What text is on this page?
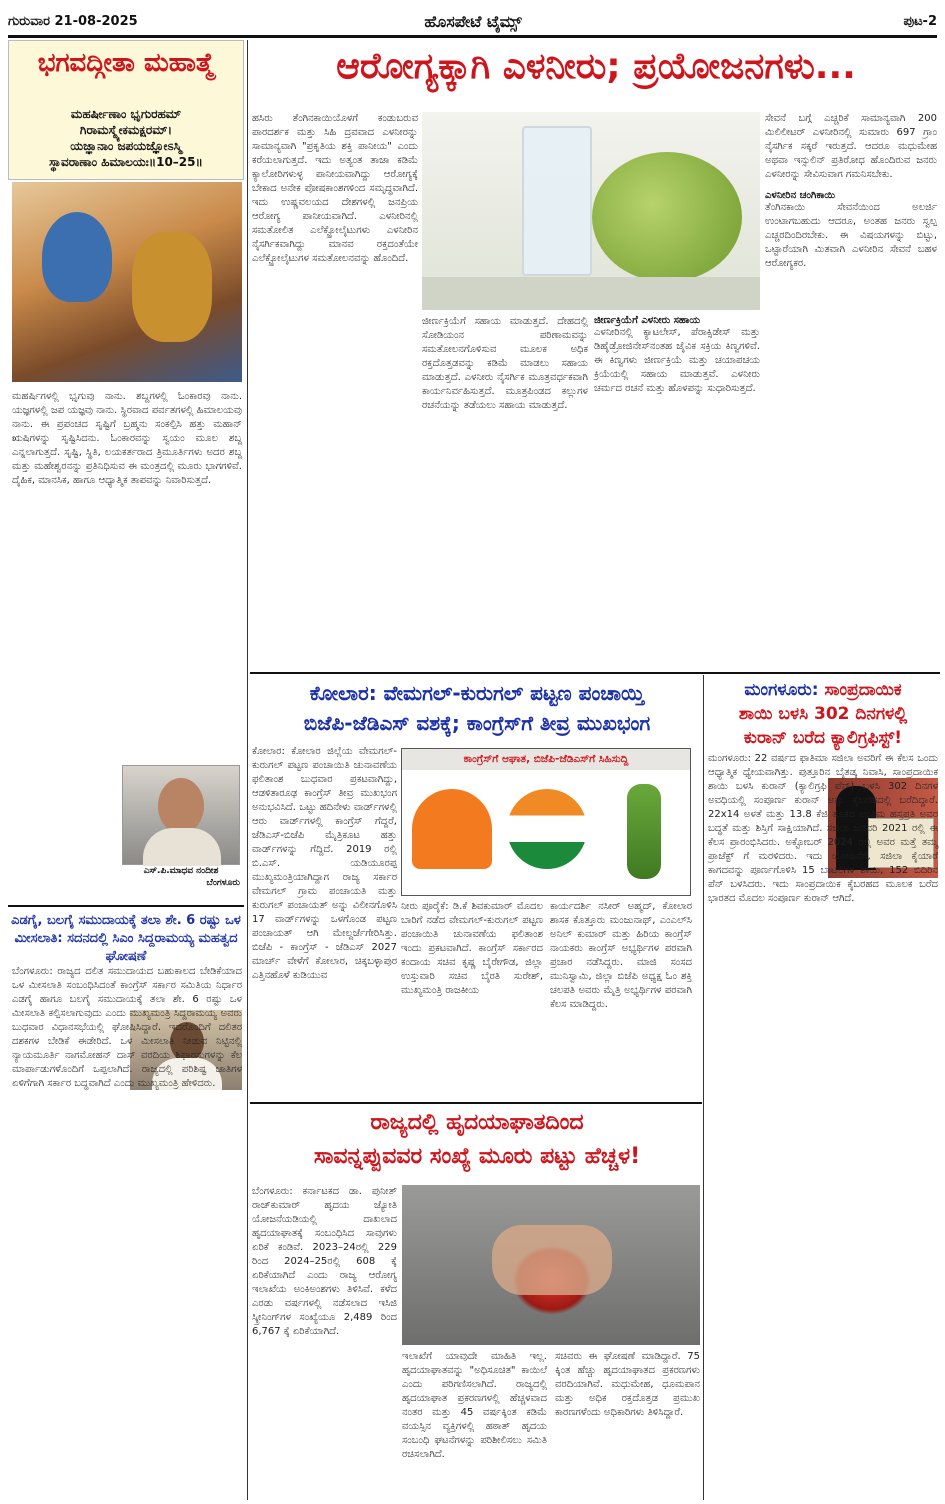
ಗುರುವಾರ 21-08-2025	ಹೊಸಪೇಟೆ ಟೈಮ್ಸ್	ಪುಟ-2
ಭಗವದ್ಗೀತಾ ಮಹಾತ್ಮೆ
ಮಹರ್ಷೀಣಾಂ ಭೃಗುರಹಮ್
ಗಿರಾಮಸ್ಮ್ಯೇಕಮಕ್ಷರಮ್।
ಯಜ್ಞಾನಾಂ ಜಪಯಜ್ಞೋಽಸ್ಮಿ
ಸ್ಥಾವರಾಣಾಂ ಹಿಮಾಲಯಃ॥10–25॥
ಮಹರ್ಷಿಗಳಲ್ಲಿ ಭೃಗುವು ನಾನು. ಶಬ್ದಗಳಲ್ಲಿ ಓಂಕಾರವು ನಾನು. ಯಜ್ಞಗಳಲ್ಲಿ ಜಪ ಯಜ್ಞವು ನಾನು. ಸ್ಥಿರವಾದ ಪರ್ವತಗಳಲ್ಲಿ ಹಿಮಾಲಯವು ನಾನು. ಈ ಪ್ರಪಂಚದ ಸೃಷ್ಟಿಗೆ ಬ್ರಹ್ಮನು ಸಂಕಲ್ಪಿಸಿ ಹತ್ತು ಮಹಾನ್ ಋಷಿಗಳನ್ನು ಸೃಷ್ಟಿಸಿದನು. ಓಂಕಾರವನ್ನು ಸ್ವಯಂ ಮೂಲ ಶಬ್ದ ಎನ್ನಲಾಗುತ್ತದೆ. ಸೃಷ್ಟಿ, ಸ್ಥಿತಿ, ಲಯಕರ್ತರಾದ ತ್ರಿಮೂರ್ತಿಗಳು ಅದರ ಶಬ್ದ ಮತ್ತು ಮಹೇಶ್ವರನನ್ನು ಪ್ರತಿನಿಧಿಸುವ ಈ ಮಂತ್ರದಲ್ಲಿ ಮೂರು ಭಾಗಗಳಿವೆ. ದೈಹಿಕ, ಮಾನಸಿಕ, ಹಾಗೂ ಆಧ್ಯಾತ್ಮಿಕ ತಾಪವನ್ನು ನಿವಾರಿಸುತ್ತದೆ.
ಎಸ್.ಪಿ.ಮಾಧವ ನಂದೀಶ
ಬೆಂಗಳೂರು
ಎಡಗೈ, ಬಲಗೈ ಸಮುದಾಯಕ್ಕೆ ತಲಾ ಶೇ. 6 ರಷ್ಟು ಒಳ ಮೀಸಲಾತಿ: ಸದನದಲ್ಲಿ ಸಿಎಂ ಸಿದ್ದರಾಮಯ್ಯ ಮಹತ್ವದ ಘೋಷಣೆ
ಬೆಂಗಳೂರು: ರಾಜ್ಯದ ದಲಿತ ಸಮುದಾಯದ ಬಹುಕಾಲದ ಬೇಡಿಕೆಯಾದ ಒಳ ಮೀಸಲಾತಿ ಸಂಬಂಧಿಸಿದಂತೆ ಕಾಂಗ್ರೆಸ್ ಸರ್ಕಾರ ಸಮಿತಿಯ ನಿರ್ಧಾರ ಎಡಗೈ ಹಾಗೂ ಬಲಗೈ ಸಮುದಾಯಕ್ಕೆ ತಲಾ ಶೇ. 6 ರಷ್ಟು ಒಳ ಮೀಸಲಾತಿ ಕಲ್ಪಿಸಲಾಗುವುದು ಎಂದು ಮುಖ್ಯಮಂತ್ರಿ ಸಿದ್ದರಾಮಯ್ಯ ಅವರು ಬುಧವಾರ ವಿಧಾನಸಭೆಯಲ್ಲಿ ಘೋಷಿಸಿದ್ದಾರೆ. ಇದರೊಂದಿಗೆ ದಲಿತರ ದಶಕಗಳ ಬೇಡಿಕೆ ಈಡೇರಿದೆ. ಒಳ ಮೀಸಲಾತಿ ನೀಡುವ ನಿಟ್ಟಿನಲ್ಲಿ ನ್ಯಾಯಮೂರ್ತಿ ನಾಗಮೋಹನ್ ದಾಸ್ ವರದಿಯ ಶಿಫಾರಸುಗಳನ್ನು ಕೆಲ ಮಾರ್ಪಾಡುಗಳೊಂದಿಗೆ ಒಪ್ಪಲಾಗಿದೆ. ರಾಜ್ಯದಲ್ಲಿ ಪರಿಶಿಷ್ಟ ಜಾತಿಗಳ ಏಳಿಗೆಗಾಗಿ ಸರ್ಕಾರ ಬದ್ಧವಾಗಿದೆ ಎಂದು ಮುಖ್ಯಮಂತ್ರಿ ಹೇಳಿದರು.
ಆರೋಗ್ಯಕ್ಕಾಗಿ ಎಳನೀರು; ಪ್ರಯೋಜನಗಳು...
ಹಸಿರು ತೆಂಗಿನಕಾಯಿಯೊಳಗೆ ಕಂಡುಬರುವ ಪಾರದರ್ಶಕ ಮತ್ತು ಸಿಹಿ ದ್ರವವಾದ ಎಳನೀರನ್ನು ಸಾಮಾನ್ಯವಾಗಿ "ಪ್ರಕೃತಿಯ ಶಕ್ತಿ ಪಾನೀಯ" ಎಂದು ಕರೆಯಲಾಗುತ್ತದೆ. ಇದು ಅತ್ಯಂತ ತಾಜಾ ಕಡಿಮೆ ಕ್ಯಾಲೋರಿಗಳುಳ್ಳ ಪಾನೀಯವಾಗಿದ್ದು ಆರೋಗ್ಯಕ್ಕೆ ಬೇಕಾದ ಅನೇಕ ಪೋಷಕಾಂಶಗಳಿಂದ ಸಮೃದ್ಧವಾಗಿದೆ. ಇದು ಉಷ್ಣವಲಯದ ದೇಶಗಳಲ್ಲಿ ಜನಪ್ರಿಯ ಆರೋಗ್ಯ ಪಾನೀಯವಾಗಿದೆ. ಎಳನೀರಿನಲ್ಲಿ ಸಮತೋಲಿತ ಎಲೆಕ್ಟ್ರೋಲೈಟುಗಳು ಎಳನೀರಿನ ನೈಸರ್ಗಿಕವಾಗಿದ್ದು ಮಾನವ ರಕ್ತದಂತೆಯೇ ಎಲೆಕ್ಟ್ರೋಲೈಟುಗಳ ಸಮತೋಲನವನ್ನು ಹೊಂದಿದೆ.
ಜೀರ್ಣಕ್ರಿಯೆಗೆ ಸಹಾಯ ಮಾಡುತ್ತದೆ. ದೇಹದಲ್ಲಿ ಸೋಡಿಯಂನ ಪರಿಣಾಮವನ್ನು ಸಮತೋಲನಗೊಳಿಸುವ ಮೂಲಕ ಅಧಿಕ ರಕ್ತದೊತ್ತಡವನ್ನು ಕಡಿಮೆ ಮಾಡಲು ಸಹಾಯ ಮಾಡುತ್ತದೆ. ಎಳನೀರು ನೈಸರ್ಗಿಕ ಮೂತ್ರವರ್ಧಕವಾಗಿ ಕಾರ್ಯನಿರ್ವಹಿಸುತ್ತದೆ. ಮೂತ್ರಪಿಂಡದ ಕಲ್ಲುಗಳ ರಚನೆಯನ್ನು ತಡೆಯಲು ಸಹಾಯ ಮಾಡುತ್ತದೆ.
ಜೀರ್ಣಕ್ರಿಯೆಗೆ ಎಳನೀರು ಸಹಾಯ
ಎಳನೀರಿನಲ್ಲಿ ಕ್ಯಾಟಲೇಸ್, ಪೆರಾಕ್ಸಿಡೇಸ್ ಮತ್ತು ಡಿಹೈಡ್ರೋಜಿನೇಸ್‌ನಂತಹ ಜೈವಿಕ ಸಕ್ರಿಯ ಕಿಣ್ವಗಳಿವೆ. ಈ ಕಿಣ್ವಗಳು ಜೀರ್ಣಕ್ರಿಯೆ ಮತ್ತು ಚಯಾಪಚಯ ಕ್ರಿಯೆಯಲ್ಲಿ ಸಹಾಯ ಮಾಡುತ್ತವೆ. ಎಳನೀರು ಚರ್ಮದ ರಚನೆ ಮತ್ತು ಹೊಳಪನ್ನು ಸುಧಾರಿಸುತ್ತದೆ.
ಸೇವನೆ ಬಗ್ಗೆ ಎಚ್ಚರಿಕೆ ಸಾಮಾನ್ಯವಾಗಿ 200 ಮಿಲಿಲೀಟರ್ ಎಳನೀರಿನಲ್ಲಿ ಸುಮಾರು 697 ಗ್ರಾಂ ನೈಸರ್ಗಿಕ ಸಕ್ಕರೆ ಇರುತ್ತದೆ. ಆದರೂ ಮಧುಮೇಹ ಅಥವಾ ಇನ್ಸುಲಿನ್ ಪ್ರತಿರೋಧ ಹೊಂದಿರುವ ಜನರು ಎಳನೀರನ್ನು ಸೇವಿಸುವಾಗ ಗಮನಿಸಬೇಕು.
ಎಳನೀರಿನ ಚಂಗಿಕಾಯಿ
ತೆಂಗಿನಕಾಯಿ ಸೇವನೆಯಿಂದ ಅಲರ್ಜಿ ಉಂಟಾಗಬಹುದು ಆದರೂ, ಅಂತಹ ಜನರು ಸ್ವಲ್ಪ ಎಚ್ಚರದಿಂದಿರಬೇಕು. ಈ ವಿಷಯಗಳನ್ನು ಬಿಟ್ಟು, ಒಟ್ಟಾರೆಯಾಗಿ ಮಿತವಾಗಿ ಎಳನೀರಿನ ಸೇವನೆ ಬಹಳ ಆರೋಗ್ಯಕರ.
ಕೋಲಾರ: ವೇಮಗಲ್-ಕುರುಗಲ್ ಪಟ್ಟಣ ಪಂಚಾಯ್ತಿ
ಬಿಜೆಪಿ-ಜೆಡಿಎಸ್ ವಶಕ್ಕೆ; ಕಾಂಗ್ರೆಸ್‌ಗೆ ತೀವ್ರ ಮುಖಭಂಗ
ಕೋಲಾರ: ಕೋಲಾರ ಜಿಲ್ಲೆಯ ವೇಮಗಲ್-ಕುರುಗಲ್ ಪಟ್ಟಣ ಪಂಚಾಯಿತಿ ಚುನಾವಣೆಯ ಫಲಿತಾಂಶ ಬುಧವಾರ ಪ್ರಕಟವಾಗಿದ್ದು, ಆಡಳಿತಾರೂಢ ಕಾಂಗ್ರೆಸ್ ತೀವ್ರ ಮುಖಭಂಗ ಅನುಭವಿಸಿದೆ. ಒಟ್ಟು ಹದಿನೇಳು ವಾರ್ಡ್‌ಗಳಲ್ಲಿ ಆರು ವಾರ್ಡ್‌ಗಳಲ್ಲಿ ಕಾಂಗ್ರೆಸ್ ಗೆದ್ದರೆ, ಜೆಡಿಎಸ್-ಬಿಜೆಪಿ ಮೈತ್ರಿಕೂಟ ಹತ್ತು ವಾರ್ಡ್‌ಗಳನ್ನು ಗೆದ್ದಿದೆ. 2019 ರಲ್ಲಿ ಬಿ.ಎಸ್. ಯಡಿಯೂರಪ್ಪ ಮುಖ್ಯಮಂತ್ರಿಯಾಗಿದ್ದಾಗ ರಾಜ್ಯ ಸರ್ಕಾರ ವೇಮಗಲ್ ಗ್ರಾಮ ಪಂಚಾಯತಿ ಮತ್ತು ಕುರುಗಲ್ ಪಂಚಾಯತ್ ಅನ್ನು ವಿಲೀನಗೊಳಿಸಿ 17 ವಾರ್ಡ್‌ಗಳನ್ನು ಒಳಗೊಂಡ ಪಟ್ಟಣ ಪಂಚಾಯತ್ ಆಗಿ ಮೇಲ್ದರ್ಜೆಗೇರಿಸಿತ್ತು. ಬಿಜೆಪಿ - ಕಾಂಗ್ರೆಸ್ - ಜೆಡಿಎಸ್ 2027 ಮಾರ್ಚ್ ವೇಳೆಗೆ ಕೋಲಾರ, ಚಿಕ್ಕಬಳ್ಳಾಪುರ ಎತ್ತಿನಹೊಳೆ ಕುಡಿಯುವ
ಕಾಂಗ್ರೆಸ್‌ಗೆ ಆಘಾತ, ಬಿಜೆಪಿ-ಜೆಡಿಎಸ್‌ಗೆ ಸಿಹಿಸುದ್ದಿ
ನೀರು ಪೂರೈಕೆ: ಡಿ.ಕೆ ಶಿವಕುಮಾರ್ ಮೊದಲ ಬಾರಿಗೆ ನಡೆದ ವೇಮಗಲ್-ಕುರುಗಲ್ ಪಟ್ಟಣ ಪಂಚಾಯಿತಿ ಚುನಾವಣೆಯ ಫಲಿತಾಂಶ ಇಂದು ಪ್ರಕಟವಾಗಿದೆ. ಕಾಂಗ್ರೆಸ್ ಸರ್ಕಾರದ ಕಂದಾಯ ಸಚಿವ ಕೃಷ್ಣ ಬೈರೇಗೌಡ, ಜಿಲ್ಲಾ ಉಸ್ತುವಾರಿ ಸಚಿವ ಬೈರತಿ ಸುರೇಶ್, ಮುಖ್ಯಮಂತ್ರಿ ರಾಜಕೀಯ
ಕಾರ್ಯದರ್ಶಿ ನಸೀರ್ ಅಹ್ಮದ್, ಕೋಲಾರ ಶಾಸಕ ಕೊತ್ತೂರು ಮಂಜುನಾಥ್, ಎಂಎಲ್‌ಸಿ ಅನಿಲ್ ಕುಮಾರ್ ಮತ್ತು ಹಿರಿಯ ಕಾಂಗ್ರೆಸ್ ನಾಯಕರು ಕಾಂಗ್ರೆಸ್ ಅಭ್ಯರ್ಥಿಗಳ ಪರವಾಗಿ ಪ್ರಚಾರ ನಡೆಸಿದ್ದರು. ಮಾಜಿ ಸಂಸದ ಮುನಿಸ್ವಾಮಿ, ಜಿಲ್ಲಾ ಬಿಜೆಪಿ ಅಧ್ಯಕ್ಷ ಓಂ ಶಕ್ತಿ ಚಲಪತಿ ಅವರು ಮೈತ್ರಿ ಅಭ್ಯರ್ಥಿಗಳ ಪರವಾಗಿ ಕೆಲಸ ಮಾಡಿದ್ದರು.
ಮಂಗಳೂರು: ಸಾಂಪ್ರದಾಯಿಕ
ಶಾಯಿ ಬಳಸಿ 302 ದಿನಗಳಲ್ಲಿ
ಕುರಾನ್ ಬರೆದ ಕ್ಯಾಲಿಗ್ರಫಿಸ್ಟ್!
ಮಂಗಳೂರು: 22 ವರ್ಷದ ಫಾತಿಮಾ ಸಜಿಲಾ ಅವರಿಗೆ ಈ ಕೆಲಸ ಒಂದು ಆಧ್ಯಾತ್ಮಿಕ ಧ್ಯೇಯವಾಗಿತ್ತು. ಪುತ್ತೂರಿನ ಬೈತಡ್ಕ ನಿವಾಸಿ, ಸಾಂಪ್ರದಾಯಿಕ ಶಾಯಿ ಬಳಸಿ ಕುರಾನ್ (ಕ್ಯಾಲಿಗ್ರಫಿ ಪೆನ್) ಬಳಸಿ 302 ದಿನಗಳ ಅವಧಿಯಲ್ಲಿ ಸಂಪೂರ್ಣ ಕುರಾನ್ ಅನ್ನು ಕೈಬರಹದಲ್ಲಿ ಬರೆದಿದ್ದಾರೆ. 22x14 ಅಳತೆ ಮತ್ತು 13.8 ಕೆಜಿ ತೂಕದ ಅಂತಿಮ ಹಸ್ತಪ್ರತಿ ಅವರ ಬದ್ಧತೆ ಮತ್ತು ಶಿಸ್ತಿಗೆ ಸಾಕ್ಷಿಯಾಗಿದೆ. ಸಜಿಲಾ ಜನವರಿ 2021 ರಲ್ಲಿ ಈ ಕೆಲಸ ಪ್ರಾರಂಭಿಸಿದರು. ಅಕ್ಟೋಬರ್ 2024 ರಲ್ಲಿ ಅವರ ಮತ್ತೆ ತಮ್ಮ ಪ್ರಾಜೆಕ್ಟ್ ಗೆ ಮರಳಿದರು. ಇದು ಯೋಜನೆಗೆ, ಸಜಿಲಾ ಕೈಯಾರೆ ಕಾಗದವನ್ನು ಪೂರ್ಣಗೊಳಿಸಿ 15 ಬಾಟಲಿಗಳ ಶಾಯಿ, 152 ಬಿದಿರಿನ ಪೆನ್ ಬಳಸಿದರು. ಇದು ಸಾಂಪ್ರದಾಯಿಕ ಕೈಬರಹದ ಮೂಲಕ ಬರೆದ ಭಾರತದ ಮೊದಲ ಸಂಪೂರ್ಣ ಕುರಾನ್ ಆಗಿದೆ.
ರಾಜ್ಯದಲ್ಲಿ ಹೃದಯಾಘಾತದಿಂದ
ಸಾವನ್ನಪ್ಪುವವರ ಸಂಖ್ಯೆ ಮೂರು ಪಟ್ಟು ಹೆಚ್ಚಳ!
ಬೆಂಗಳೂರು: ಕರ್ನಾಟಕದ ಡಾ. ಪುನೀತ್ ರಾಜ್‌ಕುಮಾರ್ ಹೃದಯ ಜ್ಯೋತಿ ಯೋಜನೆಯಡಿಯಲ್ಲಿ ದಾಖಲಾದ ಹೃದಯಾಘಾತಕ್ಕೆ ಸಂಬಂಧಿಸಿದ ಸಾವುಗಳು ಏರಿಕೆ ಕಂಡಿವೆ. 2023–24ರಲ್ಲಿ 229 ರಿಂದ 2024–25ರಲ್ಲಿ 608 ಕ್ಕೆ ಏರಿಕೆಯಾಗಿದೆ ಎಂದು ರಾಜ್ಯ ಆರೋಗ್ಯ ಇಲಾಖೆಯ ಅಂಕಿಅಂಶಗಳು ತಿಳಿಸಿವೆ. ಕಳೆದ ಎರಡು ವರ್ಷಗಳಲ್ಲಿ ನಡೆಸಲಾದ ಇಸಿಜಿ ಸ್ಕ್ರೀನಿಂಗ್‌ಗಳ ಸಂಖ್ಯೆಯೂ 2,489 ರಿಂದ 6,767 ಕ್ಕೆ ಏರಿಕೆಯಾಗಿದೆ.
ಇಲಾಖೆಗೆ ಯಾವುದೇ ಮಾಹಿತಿ ಇಲ್ಲ. ಹೃದಯಾಘಾತವನ್ನು "ಅಧಿಸೂಚಿತ" ಕಾಯಿಲೆ ಎಂದು ಪರಿಗಣಿಸಲಾಗಿದೆ. ರಾಜ್ಯದಲ್ಲಿ ಹೃದಯಾಘಾತ ಪ್ರಕರಣಗಳಲ್ಲಿ ಹೆಚ್ಚಳವಾದ ನಂತರ ಮತ್ತು 45 ವರ್ಷಕ್ಕಿಂತ ಕಡಿಮೆ ವಯಸ್ಸಿನ ವ್ಯಕ್ತಿಗಳಲ್ಲಿ ಹಠಾತ್ ಹೃದಯ ಸಂಬಂಧಿ ಘಟನೆಗಳನ್ನು ಪರಿಶೀಲಿಸಲು ಸಮಿತಿ ರಚಿಸಲಾಗಿದೆ.
ಸಚಿವರು ಈ ಘೋಷಣೆ ಮಾಡಿದ್ದಾರೆ. 75 ಕ್ಕಿಂತ ಹೆಚ್ಚು ಹೃದಯಾಘಾತದ ಪ್ರಕರಣಗಳು ವರದಿಯಾಗಿವೆ. ಮಧುಮೇಹ, ಧೂಮಪಾನ ಮತ್ತು ಅಧಿಕ ರಕ್ತದೊತ್ತಡ ಪ್ರಮುಖ ಕಾರಣಗಳೆಂದು ಅಧಿಕಾರಿಗಳು ತಿಳಿಸಿದ್ದಾರೆ.
